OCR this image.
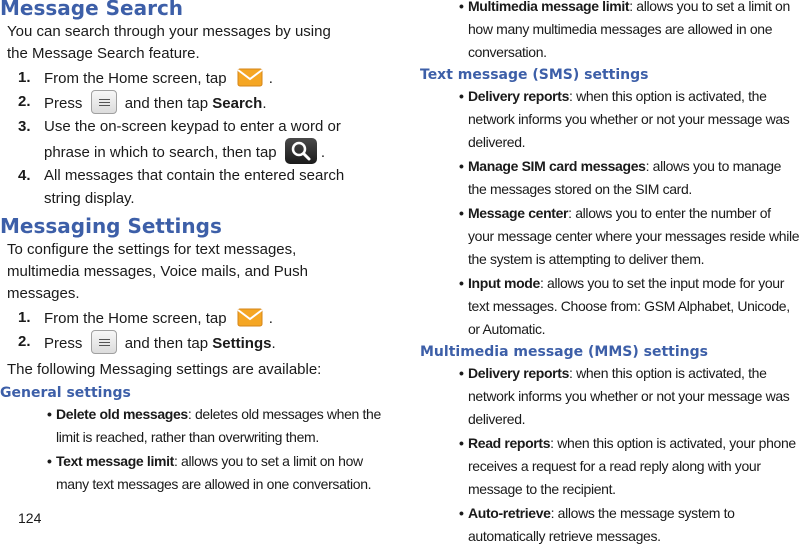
Message Search

You can search through your messages by using the Message Search feature.

1. From the Home screen, tap	.
2. Press	and then tap Search.
3. Use the on-screen keypad to enter a word or phrase in which to search, then tap	.
4. All messages that contain the entered search string display.
Messaging Settings

To configure the settings for text messages, multimedia messages, Voice mails, and Push messages.

1. From the Home screen, tap	.
2. Press	and then tap Settings.

The following Messaging settings are available:

General settings
• Delete old messages: deletes old messages when the limit is reached, rather than overwriting them.
• Text message limit: allows you to set a limit on how many text messages are allowed in one conversation.
124
• Multimedia message limit: allows you to set a limit on how many multimedia messages are allowed in one conversation.
Text message (SMS) settings
• Delivery reports: when this option is activated, the network informs you whether or not your message was delivered.
• Manage SIM card messages: allows you to manage the messages stored on the SIM card.
• Message center: allows you to enter the number of your message center where your messages reside while the system is attempting to deliver them.
• Input mode: allows you to set the input mode for your text messages. Choose from: GSM Alphabet, Unicode, or Automatic.
Multimedia message (MMS) settings
• Delivery reports: when this option is activated, the network informs you whether or not your message was delivered.
• Read reports: when this option is activated, your phone receives a request for a read reply along with your message to the recipient.
• Auto-retrieve: allows the message system to automatically retrieve messages.
